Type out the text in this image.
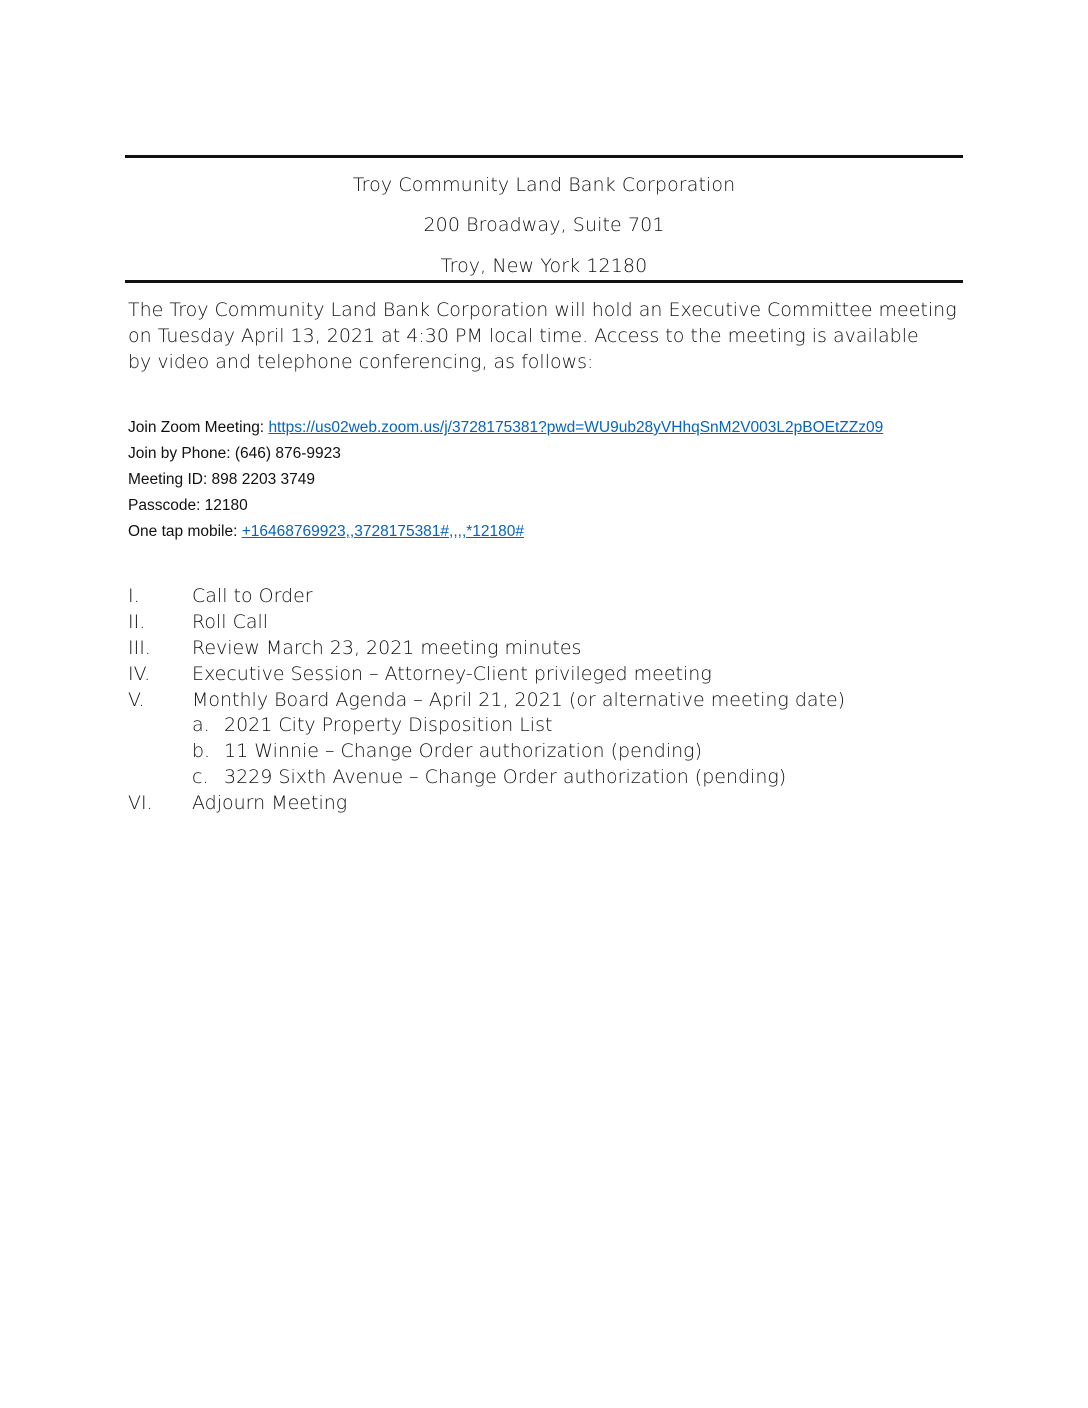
Troy Community Land Bank Corporation
200 Broadway, Suite 701
Troy, New York 12180
The Troy Community Land Bank Corporation will hold an Executive Committee meeting
on Tuesday April 13, 2021 at 4:30 PM local time. Access to the meeting is available
by video and telephone conferencing, as follows:
Join Zoom Meeting: https://us02web.zoom.us/j/3728175381?pwd=WU9ub28yVHhqSnM2V003L2pBOEtZZz09
Join by Phone: (646) 876-9923
Meeting ID: 898 2203 3749
Passcode: 12180
One tap mobile: +16468769923,,3728175381#,,,,*12180#
I.	Call to Order
II. Roll Call
III. Review March 23, 2021 meeting minutes
IV. Executive Session – Attorney-Client privileged meeting
V. Monthly Board Agenda – April 21, 2021 (or alternative meeting date)
a. 2021 City Property Disposition List
b. 11 Winnie – Change Order authorization (pending)
c. 3229 Sixth Avenue – Change Order authorization (pending)
VI. Adjourn Meeting
